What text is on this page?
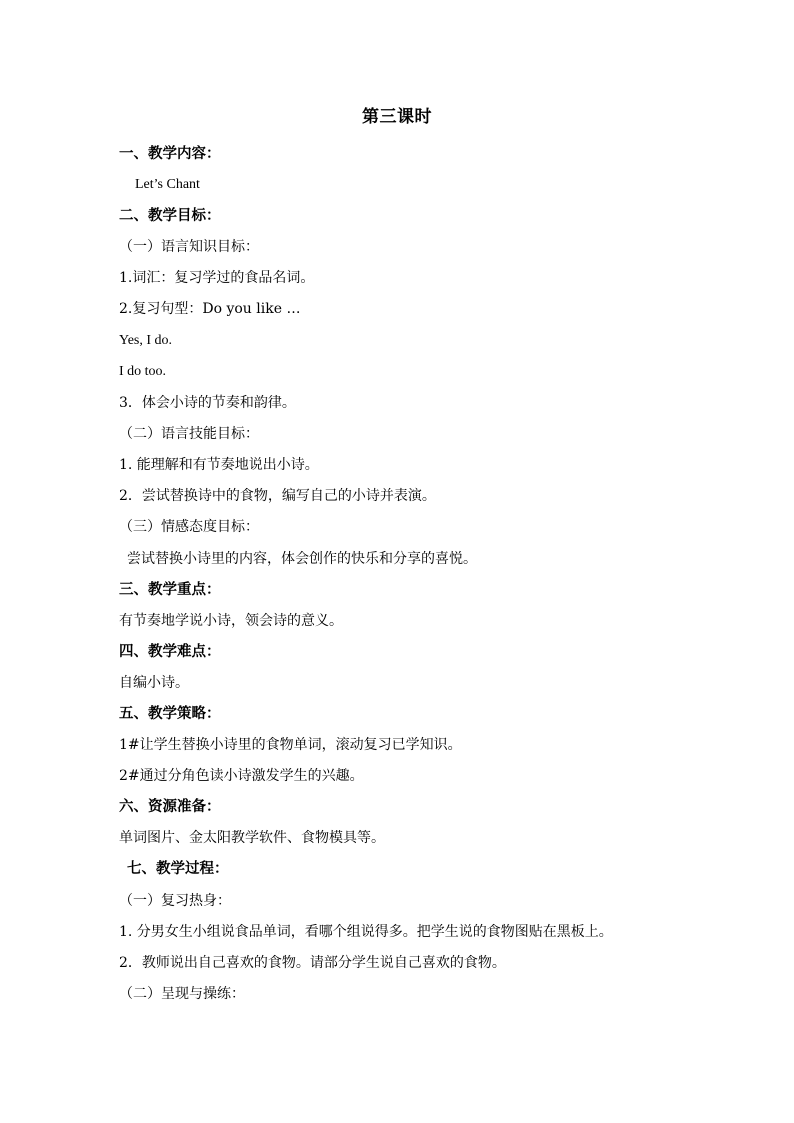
第三课时
一、教学内容：
Let’s Chant
二、教学目标：
（一）语言知识目标：
1.词汇：复习学过的食品名词。
2.复习句型：Do you like …
Yes, I do.
I do too.
3．体会小诗的节奏和韵律。
（二）语言技能目标：
1. 能理解和有节奏地说出小诗。
2．尝试替换诗中的食物，编写自己的小诗并表演。
（三）情感态度目标：
尝试替换小诗里的内容，体会创作的快乐和分享的喜悦。
三、教学重点：
有节奏地学说小诗，领会诗的意义。
四、教学难点：
自编小诗。
五、教学策略：
1#让学生替换小诗里的食物单词，滚动复习已学知识。
2#通过分角色读小诗激发学生的兴趣。
六、资源准备：
单词图片、金太阳教学软件、食物模具等。
七、教学过程：
（一）复习热身：
1. 分男女生小组说食品单词，看哪个组说得多。把学生说的食物图贴在黑板上。
2．教师说出自己喜欢的食物。请部分学生说自己喜欢的食物。
（二）呈现与操练：
